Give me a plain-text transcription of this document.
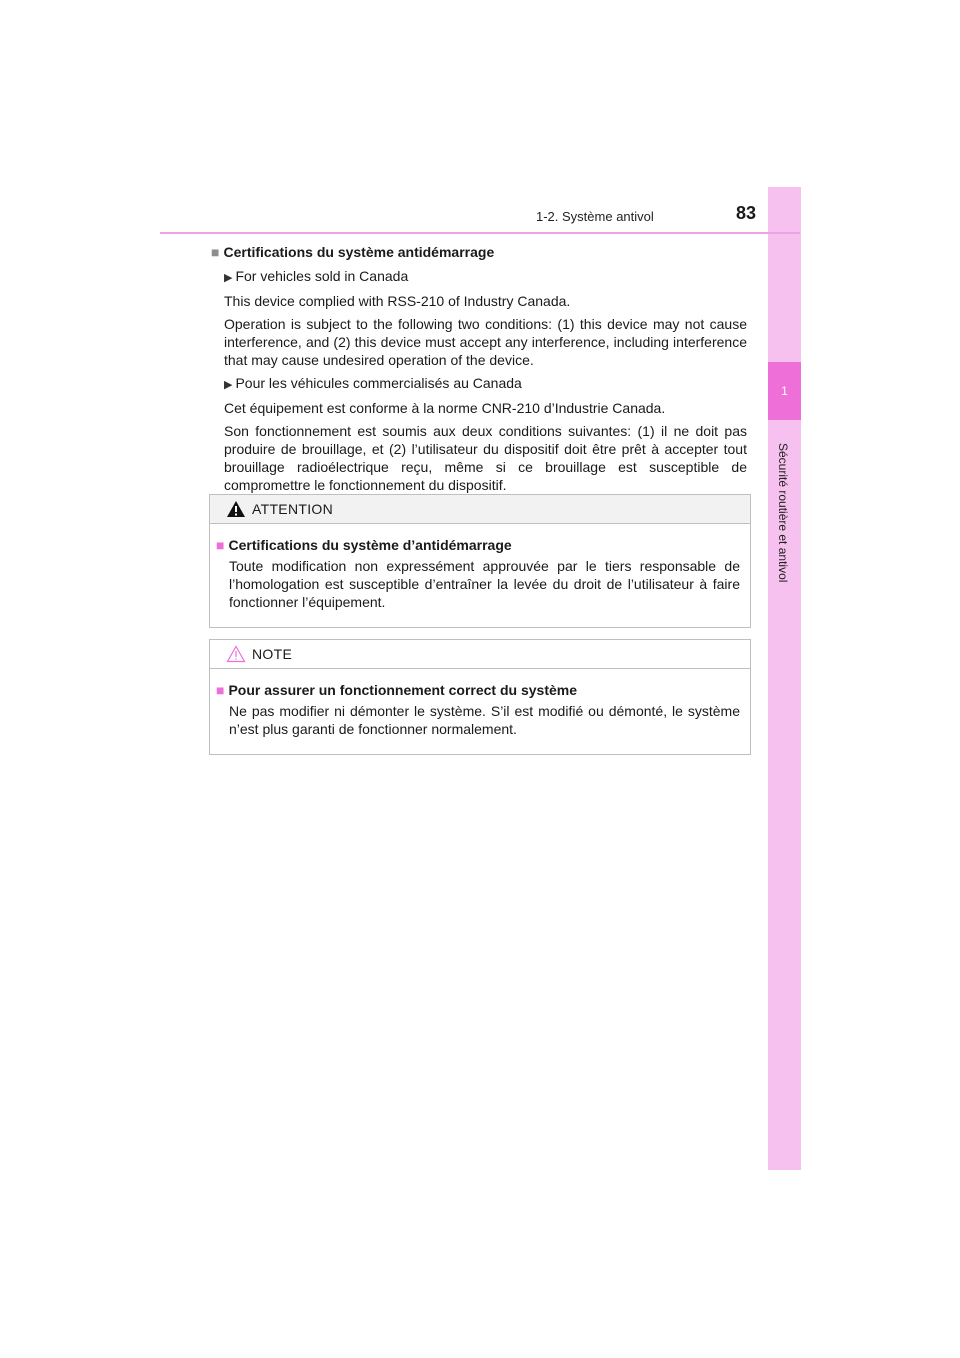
1
Sécurité routière et antivol
1-2. Système antivol	83
■ Certifications du système antidémarrage
▶ For vehicles sold in Canada

This device complied with RSS-210 of Industry Canada.

Operation is subject to the following two conditions: (1) this device may not cause interference, and (2) this device must accept any interference, including interference that may cause undesired operation of the device.

▶ Pour les véhicules commercialisés au Canada

Cet équipement est conforme à la norme CNR-210 d’Industrie Canada.

Son fonctionnement est soumis aux deux conditions suivantes: (1) il ne doit pas produire de brouillage, et (2) l’utilisateur du dispositif doit être prêt à accepter tout brouillage radioélectrique reçu, même si ce brouillage est susceptible de compromettre le fonctionnement du dispositif.

ATTENTION
■ Certifications du système d’antidémarrage
Toute modification non expressément approuvée par le tiers responsable de l’homologation est susceptible d’entraîner la levée du droit de l’utilisateur à faire fonctionner l’équipement.
NOTE
■ Pour assurer un fonctionnement correct du système
Ne pas modifier ni démonter le système. S’il est modifié ou démonté, le système n’est plus garanti de fonctionner normalement.
